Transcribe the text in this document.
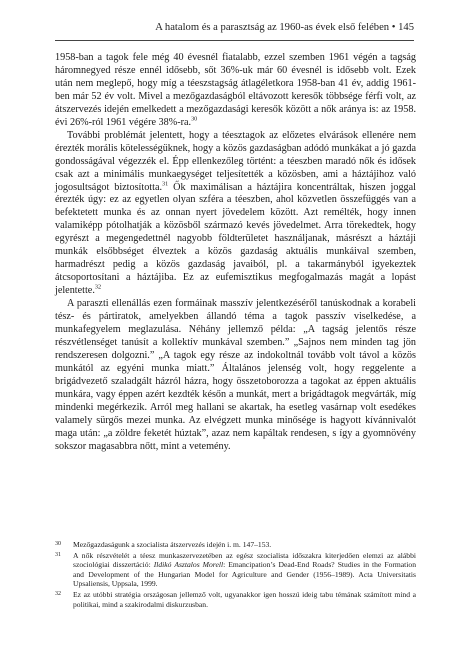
A hatalom és a parasztság az 1960-as évek első felében • 145

1958-ban a tagok fele még 40 évesnél fiatalabb, ezzel szemben 1961 végén a tagság háromnegyed része ennél idősebb, sőt 36%-uk már 60 évesnél is idősebb volt. Ezek után nem meglepő, hogy míg a téeszstagság átlagéletkora 1958-ban 41 év, addig 1961-ben már 52 év volt. Mivel a mezőgazdaságból eltávozott keresők többsége férfi volt, az átszervezés idején emelkedett a mezőgazdasági keresők között a nők aránya is: az 1958. évi 26%-ról 1961 végére 38%-ra.$^{30}$

További problémát jelentett, hogy a téesztagok az előzetes elvárások ellenére nem érezték morális kötelességüknek, hogy a közös gazdaságban adódó munkákat a jó gazda gondosságával végezzék el. Épp ellenkezőleg történt: a téeszben maradó nők és idősek csak azt a minimális munkaegységet teljesítették a közösben, ami a háztájihoz való jogosultságot biztosította.$^{31}$ Ők maximálisan a háztájira koncentráltak, hiszen joggal érezték úgy: ez az egyetlen olyan szféra a téeszben, ahol közvetlen összefüggés van a befektetett munka és az onnan nyert jövedelem között. Azt remélték, hogy innen valamiképp pótolhatják a közösből származó kevés jövedelmet. Arra törekedtek, hogy egyrészt a megengedettnél nagyobb földterületet használjanak, másrészt a háztáji munkák elsőbbséget élveztek a közös gazdaság aktuális munkáival szemben, harmadrészt pedig a közös gazdaság javaiból, pl. a takarmányból igyekeztek átcsoportosítani a háztájiba. Ez az eufemisztikus megfogalmazás magát a lopást jelentette.$^{32}$

A paraszti ellenállás ezen formáinak masszív jelentkezéséről tanúskodnak a korabeli tész- és pártiratok, amelyekben állandó téma a tagok passzív viselkedése, a munkafegyelem meglazulása. Néhány jellemző példa: „A tagság jelentős része részvétlenséget tanúsít a kollektív munkával szemben.” „Sajnos nem minden tag jön rendszeresen dolgozni.” „A tagok egy része az indokoltnál tovább volt távol a közös munkától az egyéni munka miatt.” Általános jelenség volt, hogy reggelente a brigádvezető szaladgált házról házra, hogy összetoborozza a tagokat az éppen aktuális munkára, vagy éppen azért kezdték későn a munkát, mert a brigádtagok megvárták, míg mindenki megérkezik. Arról meg hallani se akartak, ha esetleg vasárnap volt esedékes valamely sürgős mezei munka. Az elvégzett munka minősége is hagyott kívánnivalót maga után: „a zöldre feketét húztak”, azaz nem kapáltak rendesen, s így a gyomnövény sokszor magasabbra nőtt, mint a vetemény.

30 Mezőgazdaságunk a szocialista átszervezés idején i. m. 147–153.
31 A nők részvételét a téesz munkaszervezetében az egész szocialista időszakra kiterjedően elemzi az alábbi szociológiai disszertáció: Ildikó Asztalos Morell: Emancipation’s Dead-End Roads? Studies in the Formation and Development of the Hungarian Model for Agriculture and Gender (1956–1989). Acta Universitatis Upsaliensis, Uppsala, 1999.
32 Ez az utóbbi stratégia országosan jellemző volt, ugyanakkor igen hosszú ideig tabu témának számított mind a politikai, mind a szakirodalmi diskurzusban.
